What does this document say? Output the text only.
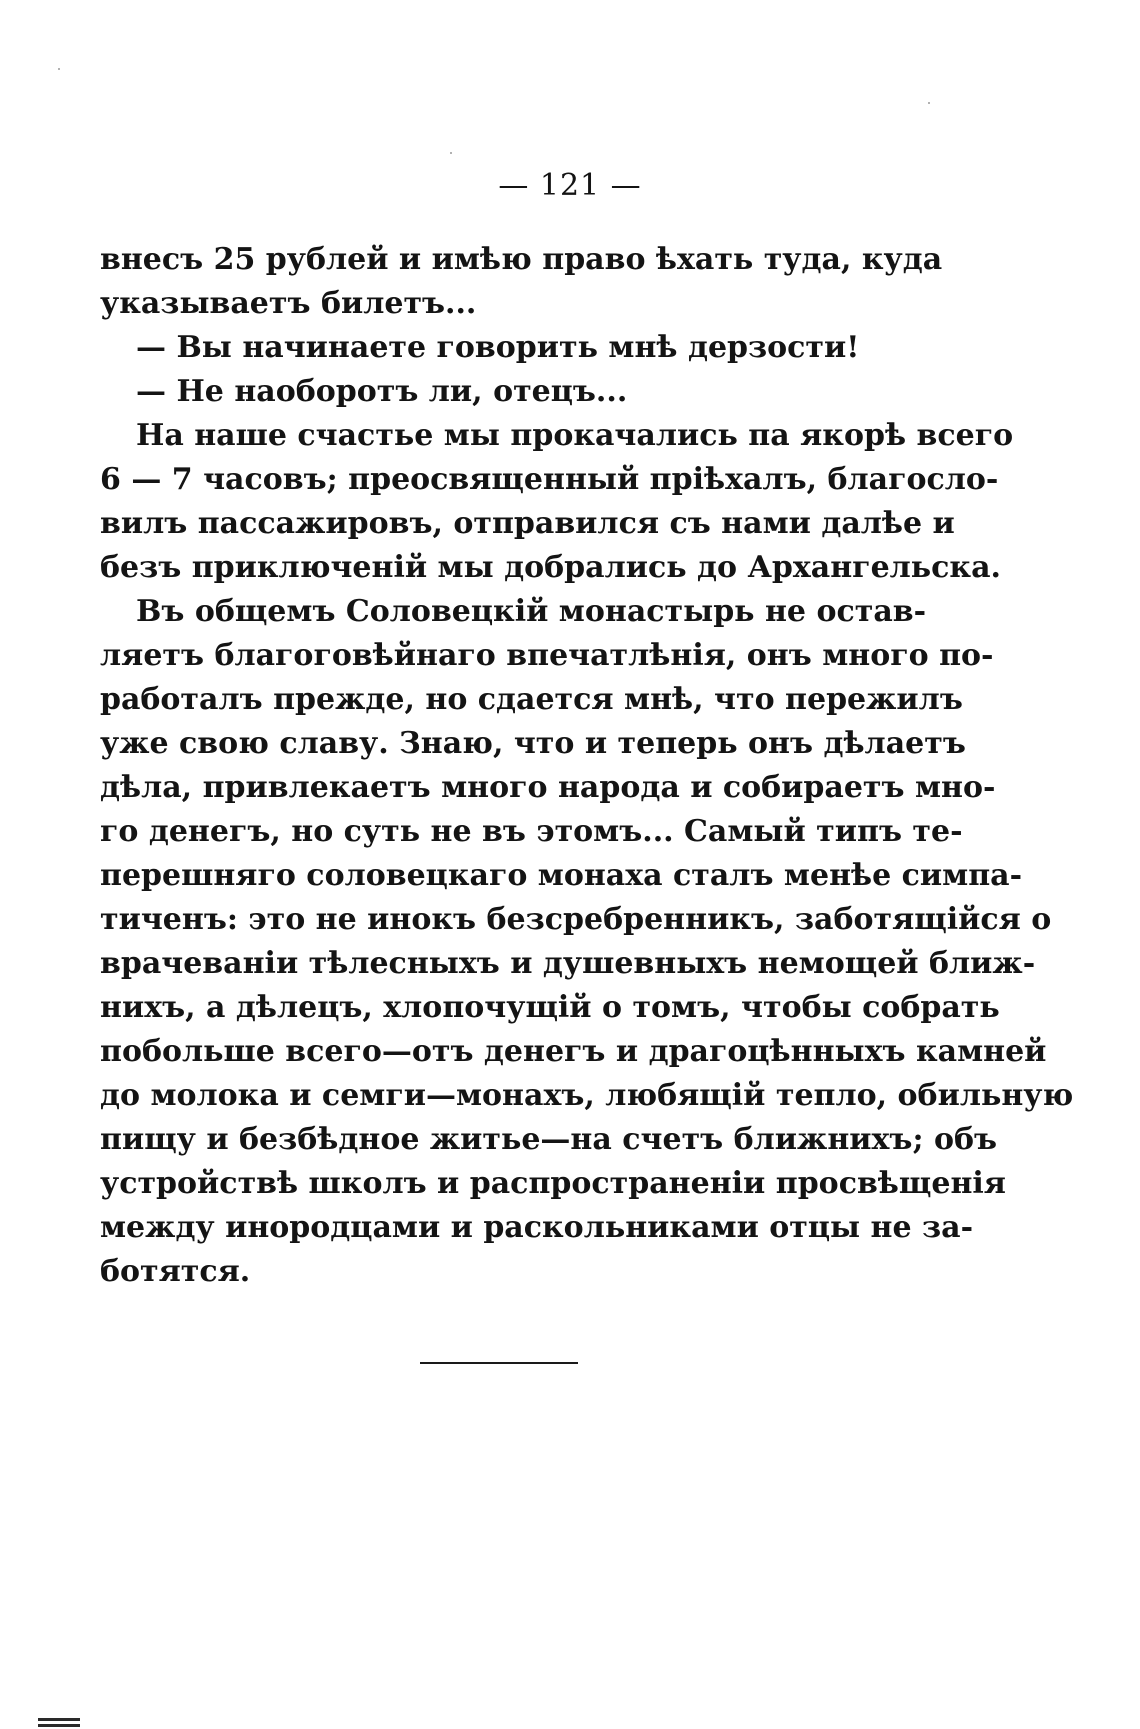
— 121 —
внесъ 25 рублей и имѣю право ѣхать туда, куда
указываетъ билетъ...
— Вы начинаете говорить мнѣ дерзости!
— Не наоборотъ ли, отецъ...
На наше счастье мы прокачались па якорѣ всего
6 — 7 часовъ; преосвященный прiѣхалъ, благосло-
вилъ пассажировъ, отправился съ нами далѣе и
безъ приключенiй мы добрались до Архангельска.
Въ общемъ Соловецкiй монастырь не остав-
ляетъ благоговѣйнаго впечатлѣнiя, онъ много по-
работалъ прежде, но сдается мнѣ, что пережилъ
уже свою славу. Знаю, что и теперь онъ дѣлаетъ
дѣла, привлекаетъ много народа и собираетъ мно-
го денегъ, но суть не въ этомъ... Самый типъ те-
перешняго соловецкаго монаха сталъ менѣе симпа-
тиченъ: это не инокъ безсребренникъ, заботящiйся о
врачеванiи тѣлесныхъ и душевныхъ немощей ближ-
нихъ, а дѣлецъ, хлопочущiй о томъ, чтобы собрать
побольше всего—отъ денегъ и драгоцѣнныхъ камней
до молока и семги—монахъ, любящiй тепло, обильную
пищу и безбѣдное житье—на счетъ ближнихъ; объ
устройствѣ школъ и распространенiи просвѣщенiя
между инородцами и раскольниками отцы не за-
ботятся.
